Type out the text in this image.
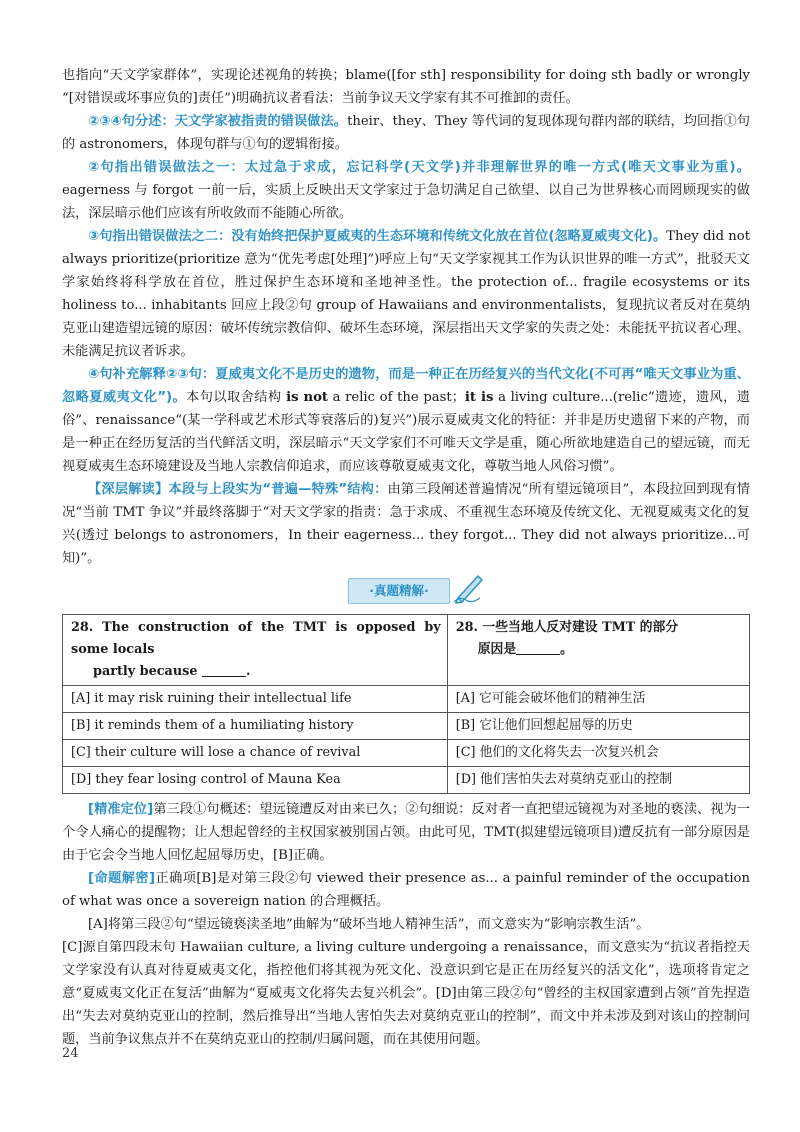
也指向“天文学家群体”，实现论述视角的转换；blame([for sth] responsibility for doing sth badly or wrongly “[对错误或坏事应负的]责任”)明确抗议者看法：当前争议天文学家有其不可推卸的责任。

②③④句分述：天文学家被指责的错误做法。their、they、They 等代词的复现体现句群内部的联结，均回指①句的 astronomers，体现句群与①句的逻辑衔接。

②句指出错误做法之一：太过急于求成，忘记科学(天文学)并非理解世界的唯一方式(唯天文事业为重)。eagerness 与 forgot 一前一后，实质上反映出天文学家过于急切满足自己欲望、以自己为世界核心而罔顾现实的做法，深层暗示他们应该有所收敛而不能随心所欲。

③句指出错误做法之二：没有始终把保护夏威夷的生态环境和传统文化放在首位(忽略夏威夷文化)。They did not always prioritize(prioritize 意为“优先考虑[处理]”)呼应上句“天文学家视其工作为认识世界的唯一方式”，批驳天文学家始终将科学放在首位，胜过保护生态环境和圣地神圣性。the protection of... fragile ecosystems or its holiness to... inhabitants 回应上段②句 group of Hawaiians and environmentalists，复现抗议者反对在莫纳克亚山建造望远镜的原因：破坏传统宗教信仰、破坏生态环境，深层指出天文学家的失责之处：未能抚平抗议者心理、未能满足抗议者诉求。

④句补充解释②③句：夏威夷文化不是历史的遗物，而是一种正在历经复兴的当代文化(不可再“唯天文事业为重、忽略夏威夷文化”)。本句以取舍结构 is not a relic of the past；it is a living culture...(relic“遗迹，遗风，遗俗”、renaissance“(某一学科或艺术形式等衰落后的)复兴”)展示夏威夷文化的特征：并非是历史遗留下来的产物，而是一种正在经历复活的当代鲜活文明，深层暗示“天文学家们不可唯天文学是重，随心所欲地建造自己的望远镜，而无视夏威夷生态环境建设及当地人宗教信仰追求，而应该尊敬夏威夷文化，尊敬当地人风俗习惯”。

【深层解读】本段与上段实为“普遍—特殊”结构：由第三段阐述普遍情况“所有望远镜项目”，本段拉回到现有情况“当前 TMT 争议”并最终落脚于“对天文学家的指责：急于求成、不重视生态环境及传统文化、无视夏威夷文化的复兴(透过 belongs to astronomers，In their eagerness... they forgot... They did not always prioritize...可知)”。

·真题精解·
28. The construction of the TMT is opposed by some locals
partly because .	28. 一些当地人反对建设 TMT 的部分
原因是 。
[A] it may risk ruining their intellectual life	[A] 它可能会破坏他们的精神生活
[B] it reminds them of a humiliating history	[B] 它让他们回想起屈辱的历史
[C] their culture will lose a chance of revival	[C] 他们的文化将失去一次复兴机会
[D] they fear losing control of Mauna Kea	[D] 他们害怕失去对莫纳克亚山的控制

[精准定位]第三段①句概述：望远镜遭反对由来已久；②句细说：反对者一直把望远镜视为对圣地的亵渎、视为一个令人痛心的提醒物；让人想起曾经的主权国家被别国占领。由此可见，TMT(拟建望远镜项目)遭反抗有一部分原因是由于它会令当地人回忆起屈辱历史，[B]正确。

[命题解密]正确项[B]是对第三段②句 viewed their presence as... a painful reminder of the occupation of what was once a sovereign nation 的合理概括。

[A]将第三段②句“望远镜亵渎圣地”曲解为“破坏当地人精神生活”，而文意实为“影响宗教生活”。

[C]源自第四段末句 Hawaiian culture, a living culture undergoing a renaissance，而文意实为“抗议者指控天文学家没有认真对待夏威夷文化，指控他们将其视为死文化、没意识到它是正在历经复兴的活文化”，选项将肯定之意“夏威夷文化正在复活”曲解为“夏威夷文化将失去复兴机会”。[D]由第三段②句“曾经的主权国家遭到占领”首先捏造出“失去对莫纳克亚山的控制，然后推导出“当地人害怕失去对莫纳克亚山的控制”，而文中并未涉及到对该山的控制问题，当前争议焦点并不在莫纳克亚山的控制/归属问题，而在其使用问题。

24
